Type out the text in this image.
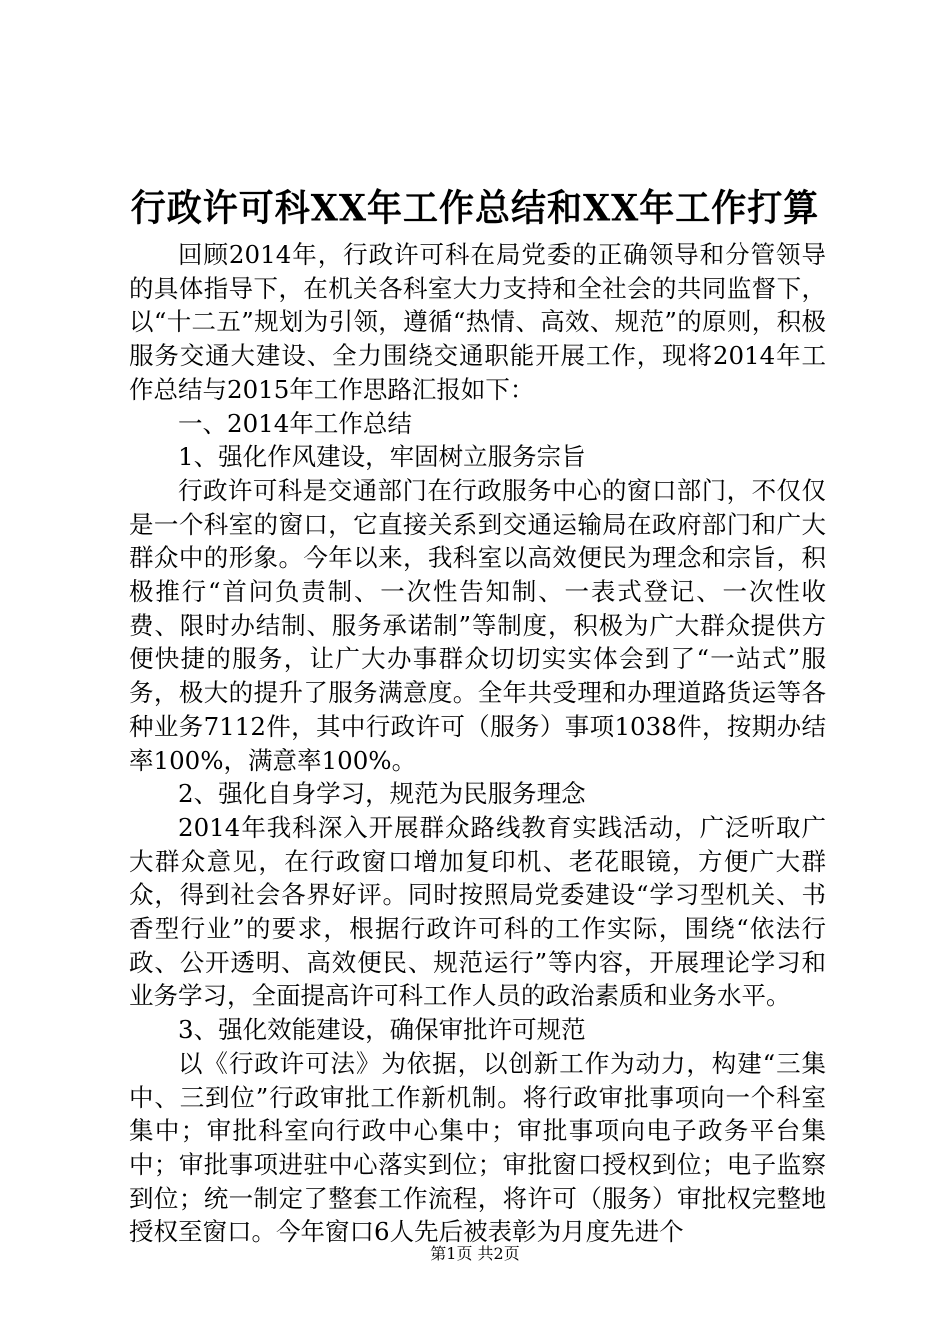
行政许可科XX年工作总结和XX年工作打算

回顾2014年，行政许可科在局党委的正确领导和分管领导的具体指导下，在机关各科室大力支持和全社会的共同监督下，以“十二五”规划为引领，遵循“热情、高效、规范”的原则，积极服务交通大建设、全力围绕交通职能开展工作，现将2014年工作总结与2015年工作思路汇报如下：

一、2014年工作总结

1、强化作风建设，牢固树立服务宗旨

行政许可科是交通部门在行政服务中心的窗口部门，不仅仅是一个科室的窗口，它直接关系到交通运输局在政府部门和广大群众中的形象。今年以来，我科室以高效便民为理念和宗旨，积极推行“首问负责制、一次性告知制、一表式登记、一次性收费、限时办结制、服务承诺制”等制度，积极为广大群众提供方便快捷的服务，让广大办事群众切切实实体会到了“一站式”服务，极大的提升了服务满意度。全年共受理和办理道路货运等各种业务7112件，其中行政许可（服务）事项1038件，按期办结率100%，满意率100%。

2、强化自身学习，规范为民服务理念

2014年我科深入开展群众路线教育实践活动，广泛听取广大群众意见，在行政窗口增加复印机、老花眼镜，方便广大群众，得到社会各界好评。同时按照局党委建设“学习型机关、书香型行业”的要求，根据行政许可科的工作实际，围绕“依法行政、公开透明、高效便民、规范运行”等内容，开展理论学习和业务学习，全面提高许可科工作人员的政治素质和业务水平。

3、强化效能建设，确保审批许可规范

以《行政许可法》为依据，以创新工作为动力，构建“三集中、三到位”行政审批工作新机制。将行政审批事项向一个科室集中；审批科室向行政中心集中；审批事项向电子政务平台集中；审批事项进驻中心落实到位；审批窗口授权到位；电子监察到位；统一制定了整套工作流程，将许可（服务）审批权完整地授权至窗口。今年窗口6人先后被表彰为月度先进个

第1页 共2页
